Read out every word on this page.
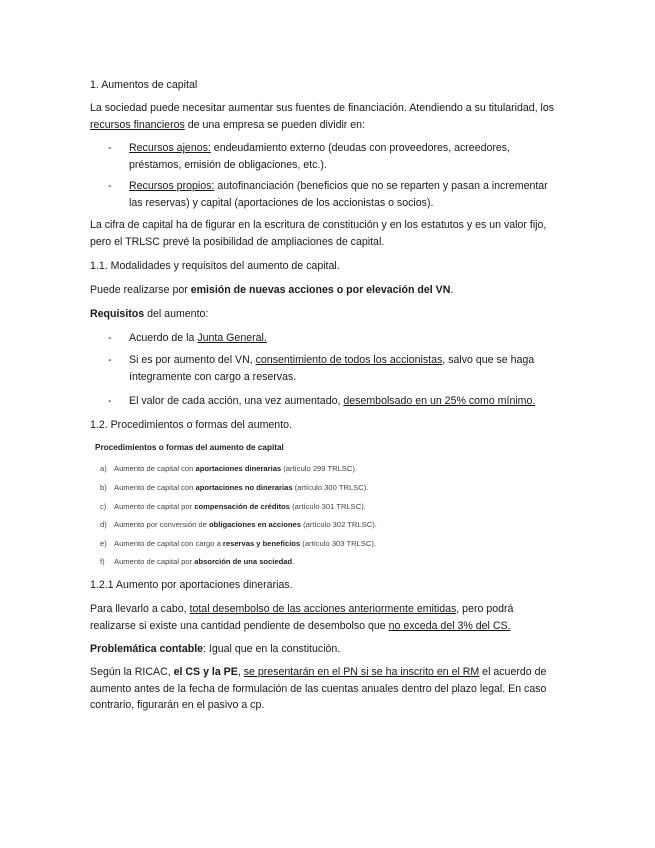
1. Aumentos de capital

La sociedad puede necesitar aumentar sus fuentes de financiación. Atendiendo a su titularidad, los recursos financieros de una empresa se pueden dividir en:

- Recursos ajenos: endeudamiento externo (deudas con proveedores, acreedores, préstamos, emisión de obligaciones, etc.).
- Recursos propios: autofinanciación (beneficios que no se reparten y pasan a incrementar las reservas) y capital (aportaciones de los accionistas o socios).

La cifra de capital ha de figurar en la escritura de constitución y en los estatutos y es un valor fijo, pero el TRLSC prevé la posibilidad de ampliaciones de capital.

1.1. Modalidades y requisitos del aumento de capital.

Puede realizarse por emisión de nuevas acciones o por elevación del VN.

Requisitos del aumento:

- Acuerdo de la Junta General.
- Si es por aumento del VN, consentimiento de todos los accionistas, salvo que se haga íntegramente con cargo a reservas.
- El valor de cada acción, una vez aumentado, desembolsado en un 25% como mínimo.

1.2. Procedimientos o formas del aumento.

Procedimientos o formas del aumento de capital
a) Aumento de capital con aportaciones dinerarias (artículo 299 TRLSC).
b) Aumento de capital con aportaciones no dinerarias (artículo 300 TRLSC).
c) Aumento de capital por compensación de créditos (artículo 301 TRLSC).
d) Aumento por conversión de obligaciones en acciones (artículo 302 TRLSC).
e) Aumento de capital con cargo a reservas y beneficios (artículo 303 TRLSC).
f) Aumento de capital por absorción de una sociedad.

1.2.1 Aumento por aportaciones dinerarias.

Para llevarlo a cabo, total desembolso de las acciones anteriormente emitidas, pero podrá realizarse si existe una cantidad pendiente de desembolso que no exceda del 3% del CS.

Problemática contable: Igual que en la constitución.

Según la RICAC, el CS y la PE, se presentarán en el PN si se ha inscrito en el RM el acuerdo de aumento antes de la fecha de formulación de las cuentas anuales dentro del plazo legal. En caso contrario, figurarán en el pasivo a cp.
